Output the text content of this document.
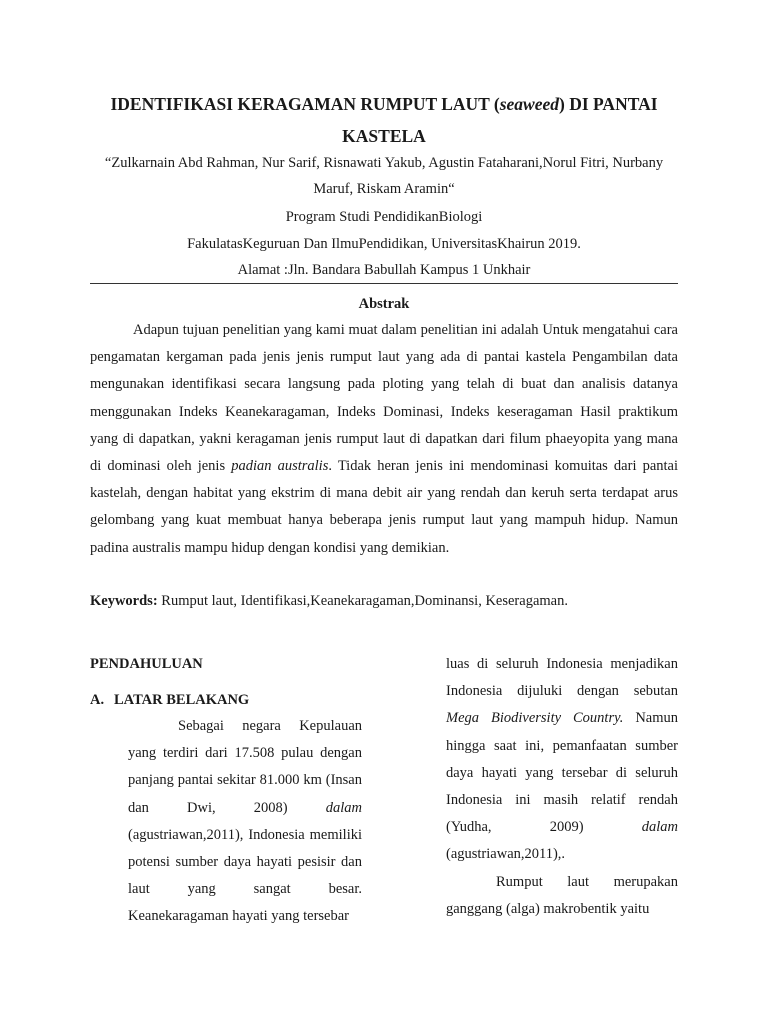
IDENTIFIKASI KERAGAMAN RUMPUT LAUT (seaweed) DI PANTAI KASTELA
“Zulkarnain Abd Rahman, Nur Sarif, Risnawati Yakub, Agustin Fataharani,Norul Fitri, Nurbany Maruf, Riskam Aramin“
Program Studi PendidikanBiologi
FakulatasKeguruan Dan IlmuPendidikan, UniversitasKhairun 2019.
Alamat :Jln. Bandara Babullah Kampus 1 Unkhair
Abstrak
Adapun tujuan penelitian yang kami muat dalam penelitian ini adalah Untuk mengatahui cara pengamatan kergaman pada jenis jenis rumput laut yang ada di pantai kastela Pengambilan data mengunakan identifikasi secara langsung pada ploting yang telah di buat dan analisis datanya menggunakan Indeks Keanekaragaman, Indeks Dominasi, Indeks keseragaman Hasil praktikum yang di dapatkan, yakni keragaman jenis rumput laut di dapatkan dari filum phaeyopita yang mana di dominasi oleh jenis padian australis. Tidak heran jenis ini mendominasi komuitas dari pantai kastelah, dengan habitat yang ekstrim di mana debit air yang rendah dan keruh serta terdapat arus gelombang yang kuat membuat hanya beberapa jenis rumput laut yang mampuh hidup. Namun padina australis mampu hidup dengan kondisi yang demikian.
Keywords: Rumput laut, Identifikasi,Keanekaragaman,Dominansi, Keseragaman.
PENDAHULUAN
A. LATAR BELAKANG
Sebagai negara Kepulauan yang terdiri dari 17.508 pulau dengan panjang pantai sekitar 81.000 km (Insan dan Dwi, 2008) dalam (agustriawan,2011), Indonesia memiliki potensi sumber daya hayati pesisir dan laut yang sangat besar. Keanekaragaman hayati yang tersebar

luas di seluruh Indonesia menjadikan Indonesia dijuluki dengan sebutan Mega Biodiversity Country. Namun hingga saat ini, pemanfaatan sumber daya hayati yang tersebar di seluruh Indonesia ini masih relatif rendah (Yudha, 2009) dalam (agustriawan,2011),.

Rumput laut merupakan ganggang (alga) makrobentik yaitu
